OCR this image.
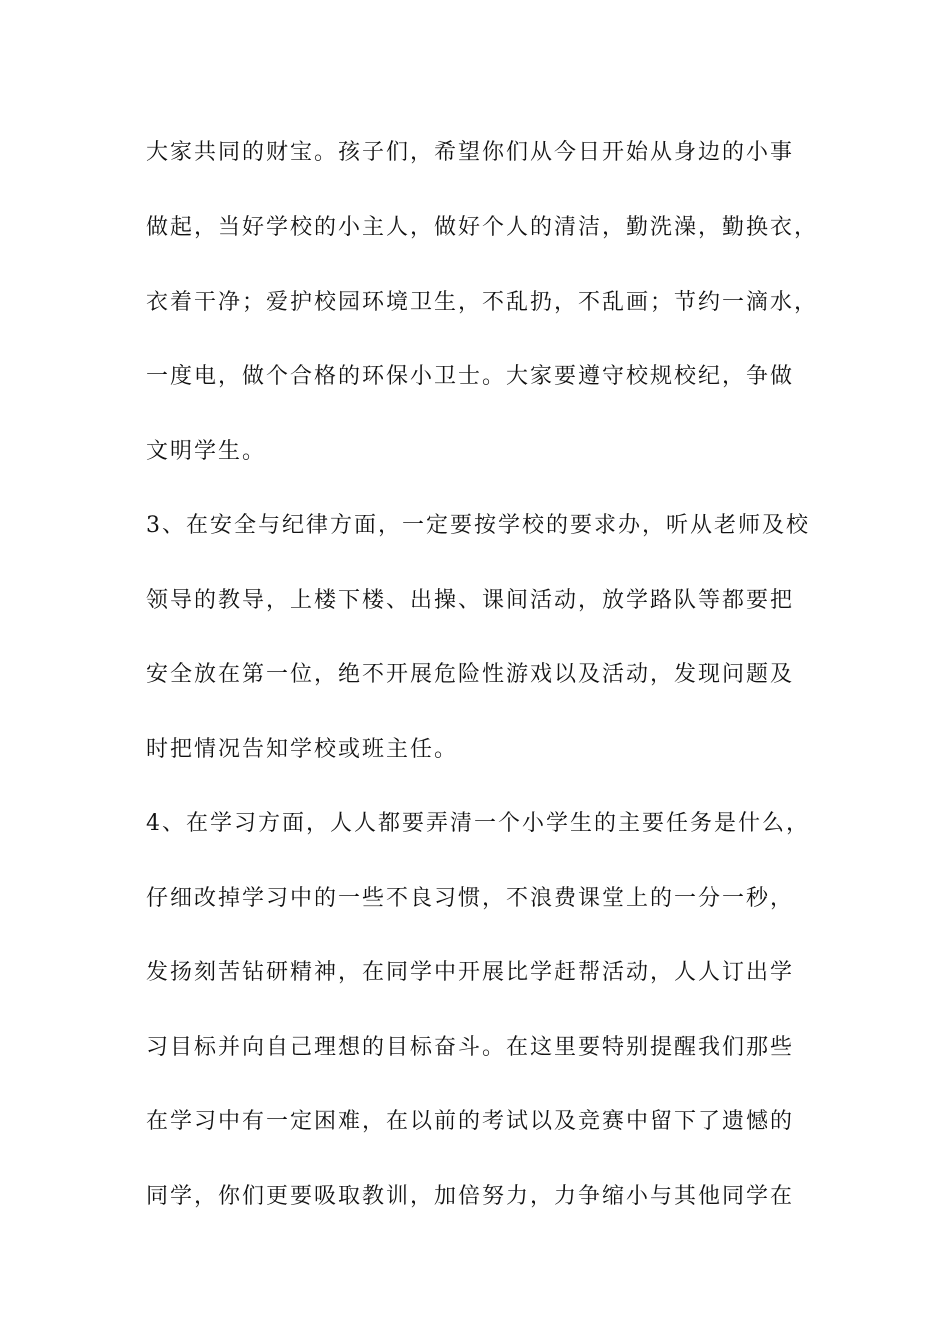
大家共同的财宝。孩子们，希望你们从今日开始从身边的小事
做起，当好学校的小主人，做好个人的清洁，勤洗澡，勤换衣，
衣着干净；爱护校园环境卫生，不乱扔，不乱画；节约一滴水，
一度电，做个合格的环保小卫士。大家要遵守校规校纪，争做
文明学生。
3、在安全与纪律方面，一定要按学校的要求办，听从老师及校
领导的教导，上楼下楼、出操、课间活动，放学路队等都要把
安全放在第一位，绝不开展危险性游戏以及活动，发现问题及
时把情况告知学校或班主任。
4、在学习方面，人人都要弄清一个小学生的主要任务是什么，
仔细改掉学习中的一些不良习惯，不浪费课堂上的一分一秒，
发扬刻苦钻研精神，在同学中开展比学赶帮活动，人人订出学
习目标并向自己理想的目标奋斗。在这里要特别提醒我们那些
在学习中有一定困难，在以前的考试以及竞赛中留下了遗憾的
同学，你们更要吸取教训，加倍努力，力争缩小与其他同学在
